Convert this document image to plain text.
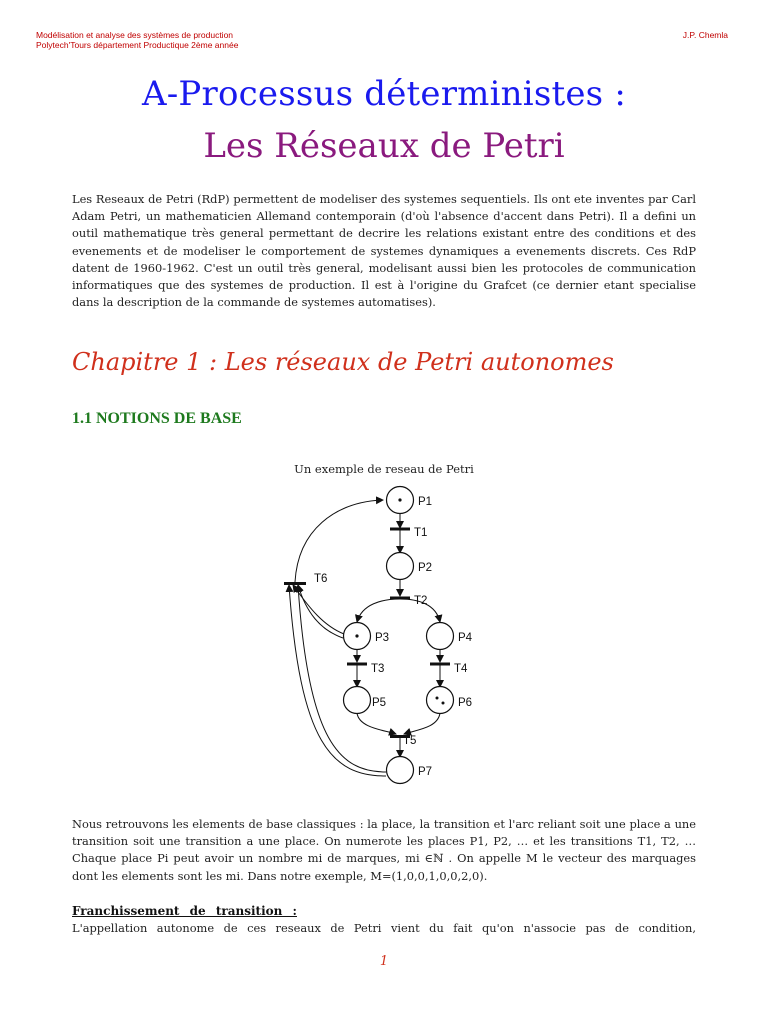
Modélisation et analyse des systèmes de production
Polytech'Tours département Productique 2ème année
J.P. Chemla
A-Processus déterministes :
Les Réseaux de Petri
Les Reseaux de Petri (RdP) permettent de modeliser des systemes sequentiels. Ils ont ete inventes par Carl Adam Petri, un mathematicien Allemand contemporain (d'où l'absence d'accent dans Petri). Il a defini un outil mathematique très general permettant de decrire les relations existant entre des conditions et des evenements et de modeliser le comportement de systemes dynamiques a evenements discrets. Ces RdP datent de 1960-1962. C'est un outil très general, modelisant aussi bien les protocoles de communication informatiques que des systemes de production. Il est à l'origine du Grafcet (ce dernier etant specialise dans la description de la commande de systemes automatises).
Chapitre 1 : Les réseaux de Petri autonomes
1.1 NOTIONS DE BASE
Un exemple de reseau de Petri
P1
P2
P3	P4
P5	P6
P7
T1
T2
T3	T4
T5
T6
Nous retrouvons les elements de base classiques : la place, la transition et l'arc reliant soit une place a une transition soit une transition a une place. On numerote les places P1, P2, … et les transitions T1, T2, …Chaque place Pi peut avoir un nombre mi de marques, mi ∈ℕ . On appelle M le vecteur des marquages dont les elements sont les mi. Dans notre exemple, M=(1,0,0,1,0,0,2,0).
Franchissement de transition :
L'appellation autonome de ces reseaux de Petri vient du fait qu'on n'associe pas de condition,
1
